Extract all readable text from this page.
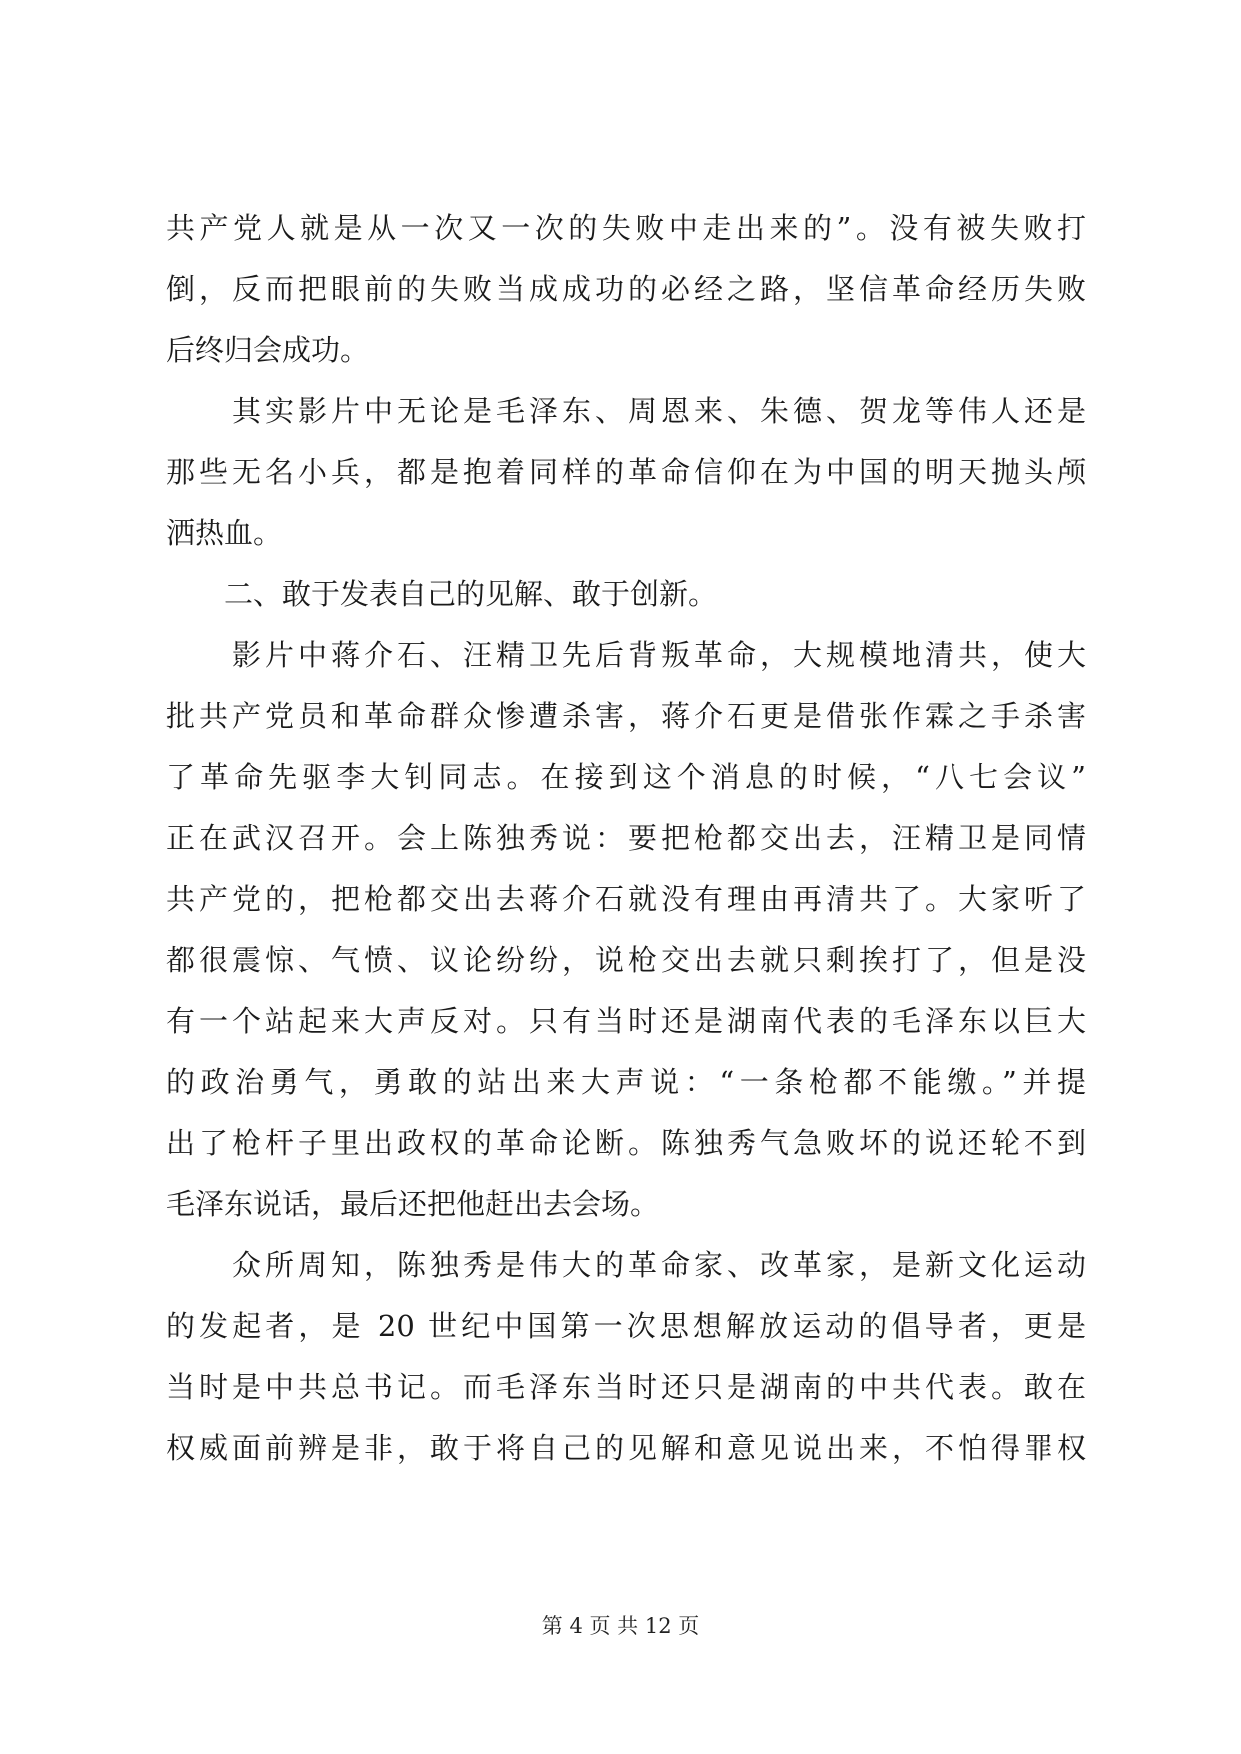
共产党人就是从一次又一次的失败中走出来的”。没有被失败打
倒，反而把眼前的失败当成成功的必经之路，坚信革命经历失败
后终归会成功。
　　其实影片中无论是毛泽东、周恩来、朱德、贺龙等伟人还是
那些无名小兵，都是抱着同样的革命信仰在为中国的明天抛头颅
洒热血。
　　二、敢于发表自己的见解、敢于创新。
　　影片中蒋介石、汪精卫先后背叛革命，大规模地清共，使大
批共产党员和革命群众惨遭杀害，蒋介石更是借张作霖之手杀害
了革命先驱李大钊同志。在接到这个消息的时候，“八七会议”
正在武汉召开。会上陈独秀说：要把枪都交出去，汪精卫是同情
共产党的，把枪都交出去蒋介石就没有理由再清共了。大家听了
都很震惊、气愤、议论纷纷，说枪交出去就只剩挨打了，但是没
有一个站起来大声反对。只有当时还是湖南代表的毛泽东以巨大
的政治勇气，勇敢的站出来大声说：“一条枪都不能缴。”并提
出了枪杆子里出政权的革命论断。陈独秀气急败坏的说还轮不到
毛泽东说话，最后还把他赶出去会场。
　　众所周知，陈独秀是伟大的革命家、改革家，是新文化运动
的发起者，是 20 世纪中国第一次思想解放运动的倡导者，更是
当时是中共总书记。而毛泽东当时还只是湖南的中共代表。敢在
权威面前辨是非，敢于将自己的见解和意见说出来，不怕得罪权
第 4 页 共 12 页
